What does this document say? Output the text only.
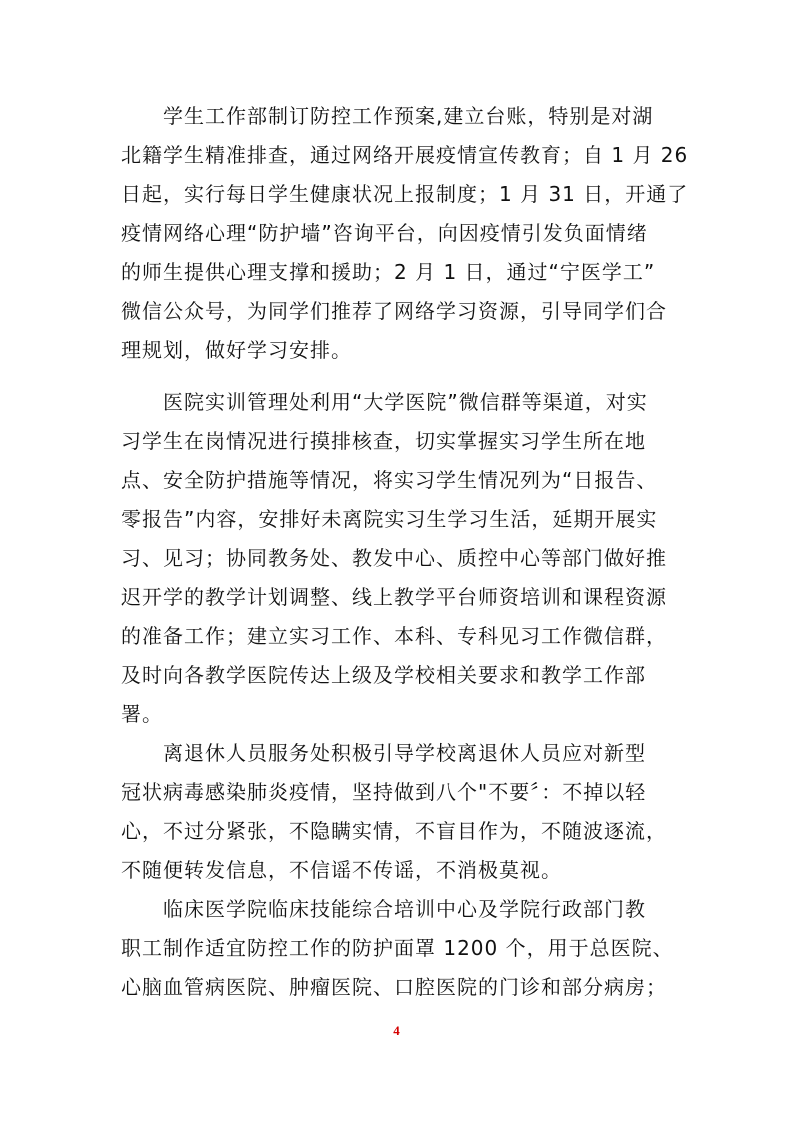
学生工作部制订防控工作预案,建立台账，特别是对湖
北籍学生精准排查，通过网络开展疫情宣传教育；自 1 月 26
日起，实行每日学生健康状况上报制度；1 月 31 日，开通了
疫情网络心理“防护墙”咨询平台，向因疫情引发负面情绪
的师生提供心理支撑和援助；2 月 1 日，通过“宁医学工”
微信公众号，为同学们推荐了网络学习资源，引导同学们合
理规划，做好学习安排。
医院实训管理处利用“大学医院”微信群等渠道，对实
习学生在岗情况进行摸排核查，切实掌握实习学生所在地
点、安全防护措施等情况，将实习学生情况列为“日报告、
零报告”内容，安排好未离院实习生学习生活，延期开展实
习、见习；协同教务处、教发中心、质控中心等部门做好推
迟开学的教学计划调整、线上教学平台师资培训和课程资源
的准备工作；建立实习工作、本科、专科见习工作微信群，
及时向各教学医院传达上级及学校相关要求和教学工作部
署。
离退休人员服务处积极引导学校离退休人员应对新型
冠状病毒感染肺炎疫情，坚持做到八个"不要〞：不掉以轻
心，不过分紧张，不隐瞒实情，不盲目作为，不随波逐流，
不随便转发信息，不信谣不传谣，不消极莫视。
临床医学院临床技能综合培训中心及学院行政部门教
职工制作适宜防控工作的防护面罩 1200 个，用于总医院、
心脑血管病医院、肿瘤医院、口腔医院的门诊和部分病房；
4
